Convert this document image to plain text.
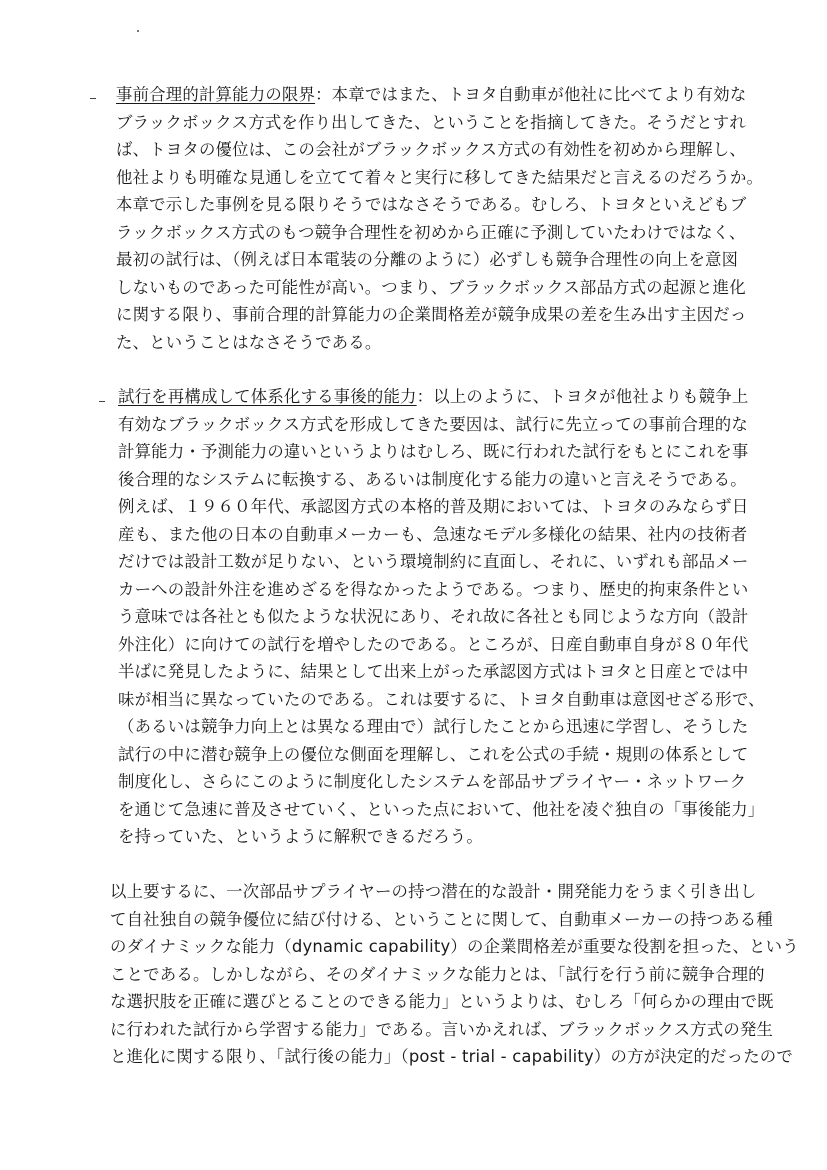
事前合理的計算能力の限界：本章ではまた、トヨタ自動車が他社に比べてより有効な
ブラックボックス方式を作り出してきた、ということを指摘してきた。そうだとすれ
ば、トヨタの優位は、この会社がブラックボックス方式の有効性を初めから理解し、
他社よりも明確な見通しを立てて着々と実行に移してきた結果だと言えるのだろうか。
本章で示した事例を見る限りそうではなさそうである。むしろ、トヨタといえどもブ
ラックボックス方式のもつ競争合理性を初めから正確に予測していたわけではなく、
最初の試行は、（例えば日本電装の分離のように）必ずしも競争合理性の向上を意図
しないものであった可能性が高い。つまり、ブラックボックス部品方式の起源と進化
に関する限り、事前合理的計算能力の企業間格差が競争成果の差を生み出す主因だっ
た、ということはなさそうである。
試行を再構成して体系化する事後的能力：以上のように、トヨタが他社よりも競争上
有効なブラックボックス方式を形成してきた要因は、試行に先立っての事前合理的な
計算能力・予測能力の違いというよりはむしろ、既に行われた試行をもとにこれを事
後合理的なシステムに転換する、あるいは制度化する能力の違いと言えそうである。
例えば、１９６０年代、承認図方式の本格的普及期においては、トヨタのみならず日
産も、また他の日本の自動車メーカーも、急速なモデル多様化の結果、社内の技術者
だけでは設計工数が足りない、という環境制約に直面し、それに、いずれも部品メー
カーへの設計外注を進めざるを得なかったようである。つまり、歴史的拘束条件とい
う意味では各社とも似たような状況にあり、それ故に各社とも同じような方向（設計
外注化）に向けての試行を増やしたのである。ところが、日産自動車自身が８０年代
半ばに発見したように、結果として出来上がった承認図方式はトヨタと日産とでは中
味が相当に異なっていたのである。これは要するに、トヨタ自動車は意図せざる形で、
（あるいは競争力向上とは異なる理由で）試行したことから迅速に学習し、そうした
試行の中に潜む競争上の優位な側面を理解し、これを公式の手続・規則の体系として
制度化し、さらにこのように制度化したシステムを部品サプライヤー・ネットワーク
を通じて急速に普及させていく、といった点において、他社を凌ぐ独自の「事後能力」
を持っていた、というように解釈できるだろう。
以上要するに、一次部品サプライヤーの持つ潜在的な設計・開発能力をうまく引き出し
て自社独自の競争優位に結び付ける、ということに関して、自動車メーカーの持つある種
のダイナミックな能力（dynamic capability）の企業間格差が重要な役割を担った、という
ことである。しかしながら、そのダイナミックな能力とは、「試行を行う前に競争合理的
な選択肢を正確に選びとることのできる能力」というよりは、むしろ「何らかの理由で既
に行われた試行から学習する能力」である。言いかえれば、ブラックボックス方式の発生
と進化に関する限り、「試行後の能力」（post - trial - capability）の方が決定的だったので
